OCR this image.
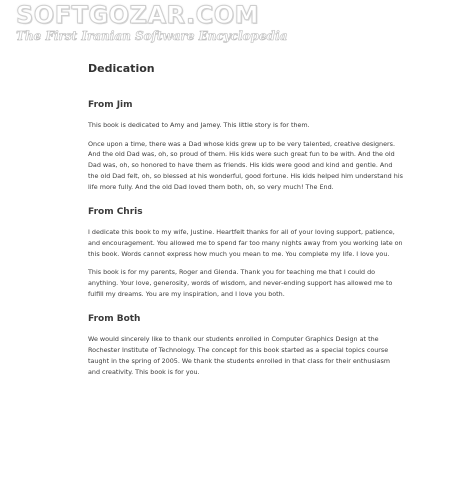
SOFTGOZAR.COM
The First Iranian Software Encyclopedia
Dedication
From Jim

This book is dedicated to Amy and Jamey. This little story is for them.

Once upon a time, there was a Dad whose kids grew up to be very talented, creative designers. And the old Dad was, oh, so proud of them. His kids were such great fun to be with. And the old Dad was, oh, so honored to have them as friends. His kids were good and kind and gentle. And the old Dad felt, oh, so blessed at his wonderful, good fortune. His kids helped him understand his life more fully. And the old Dad loved them both, oh, so very much! The End.

From Chris

I dedicate this book to my wife, Justine. Heartfelt thanks for all of your loving support, patience, and encouragement. You allowed me to spend far too many nights away from you working late on this book. Words cannot express how much you mean to me. You complete my life. I love you.

This book is for my parents, Roger and Glenda. Thank you for teaching me that I could do anything. Your love, generosity, words of wisdom, and never-ending support has allowed me to fulfill my dreams. You are my inspiration, and I love you both.

From Both

We would sincerely like to thank our students enrolled in Computer Graphics Design at the Rochester Institute of Technology. The concept for this book started as a special topics course taught in the spring of 2005. We thank the students enrolled in that class for their enthusiasm and creativity. This book is for you.
